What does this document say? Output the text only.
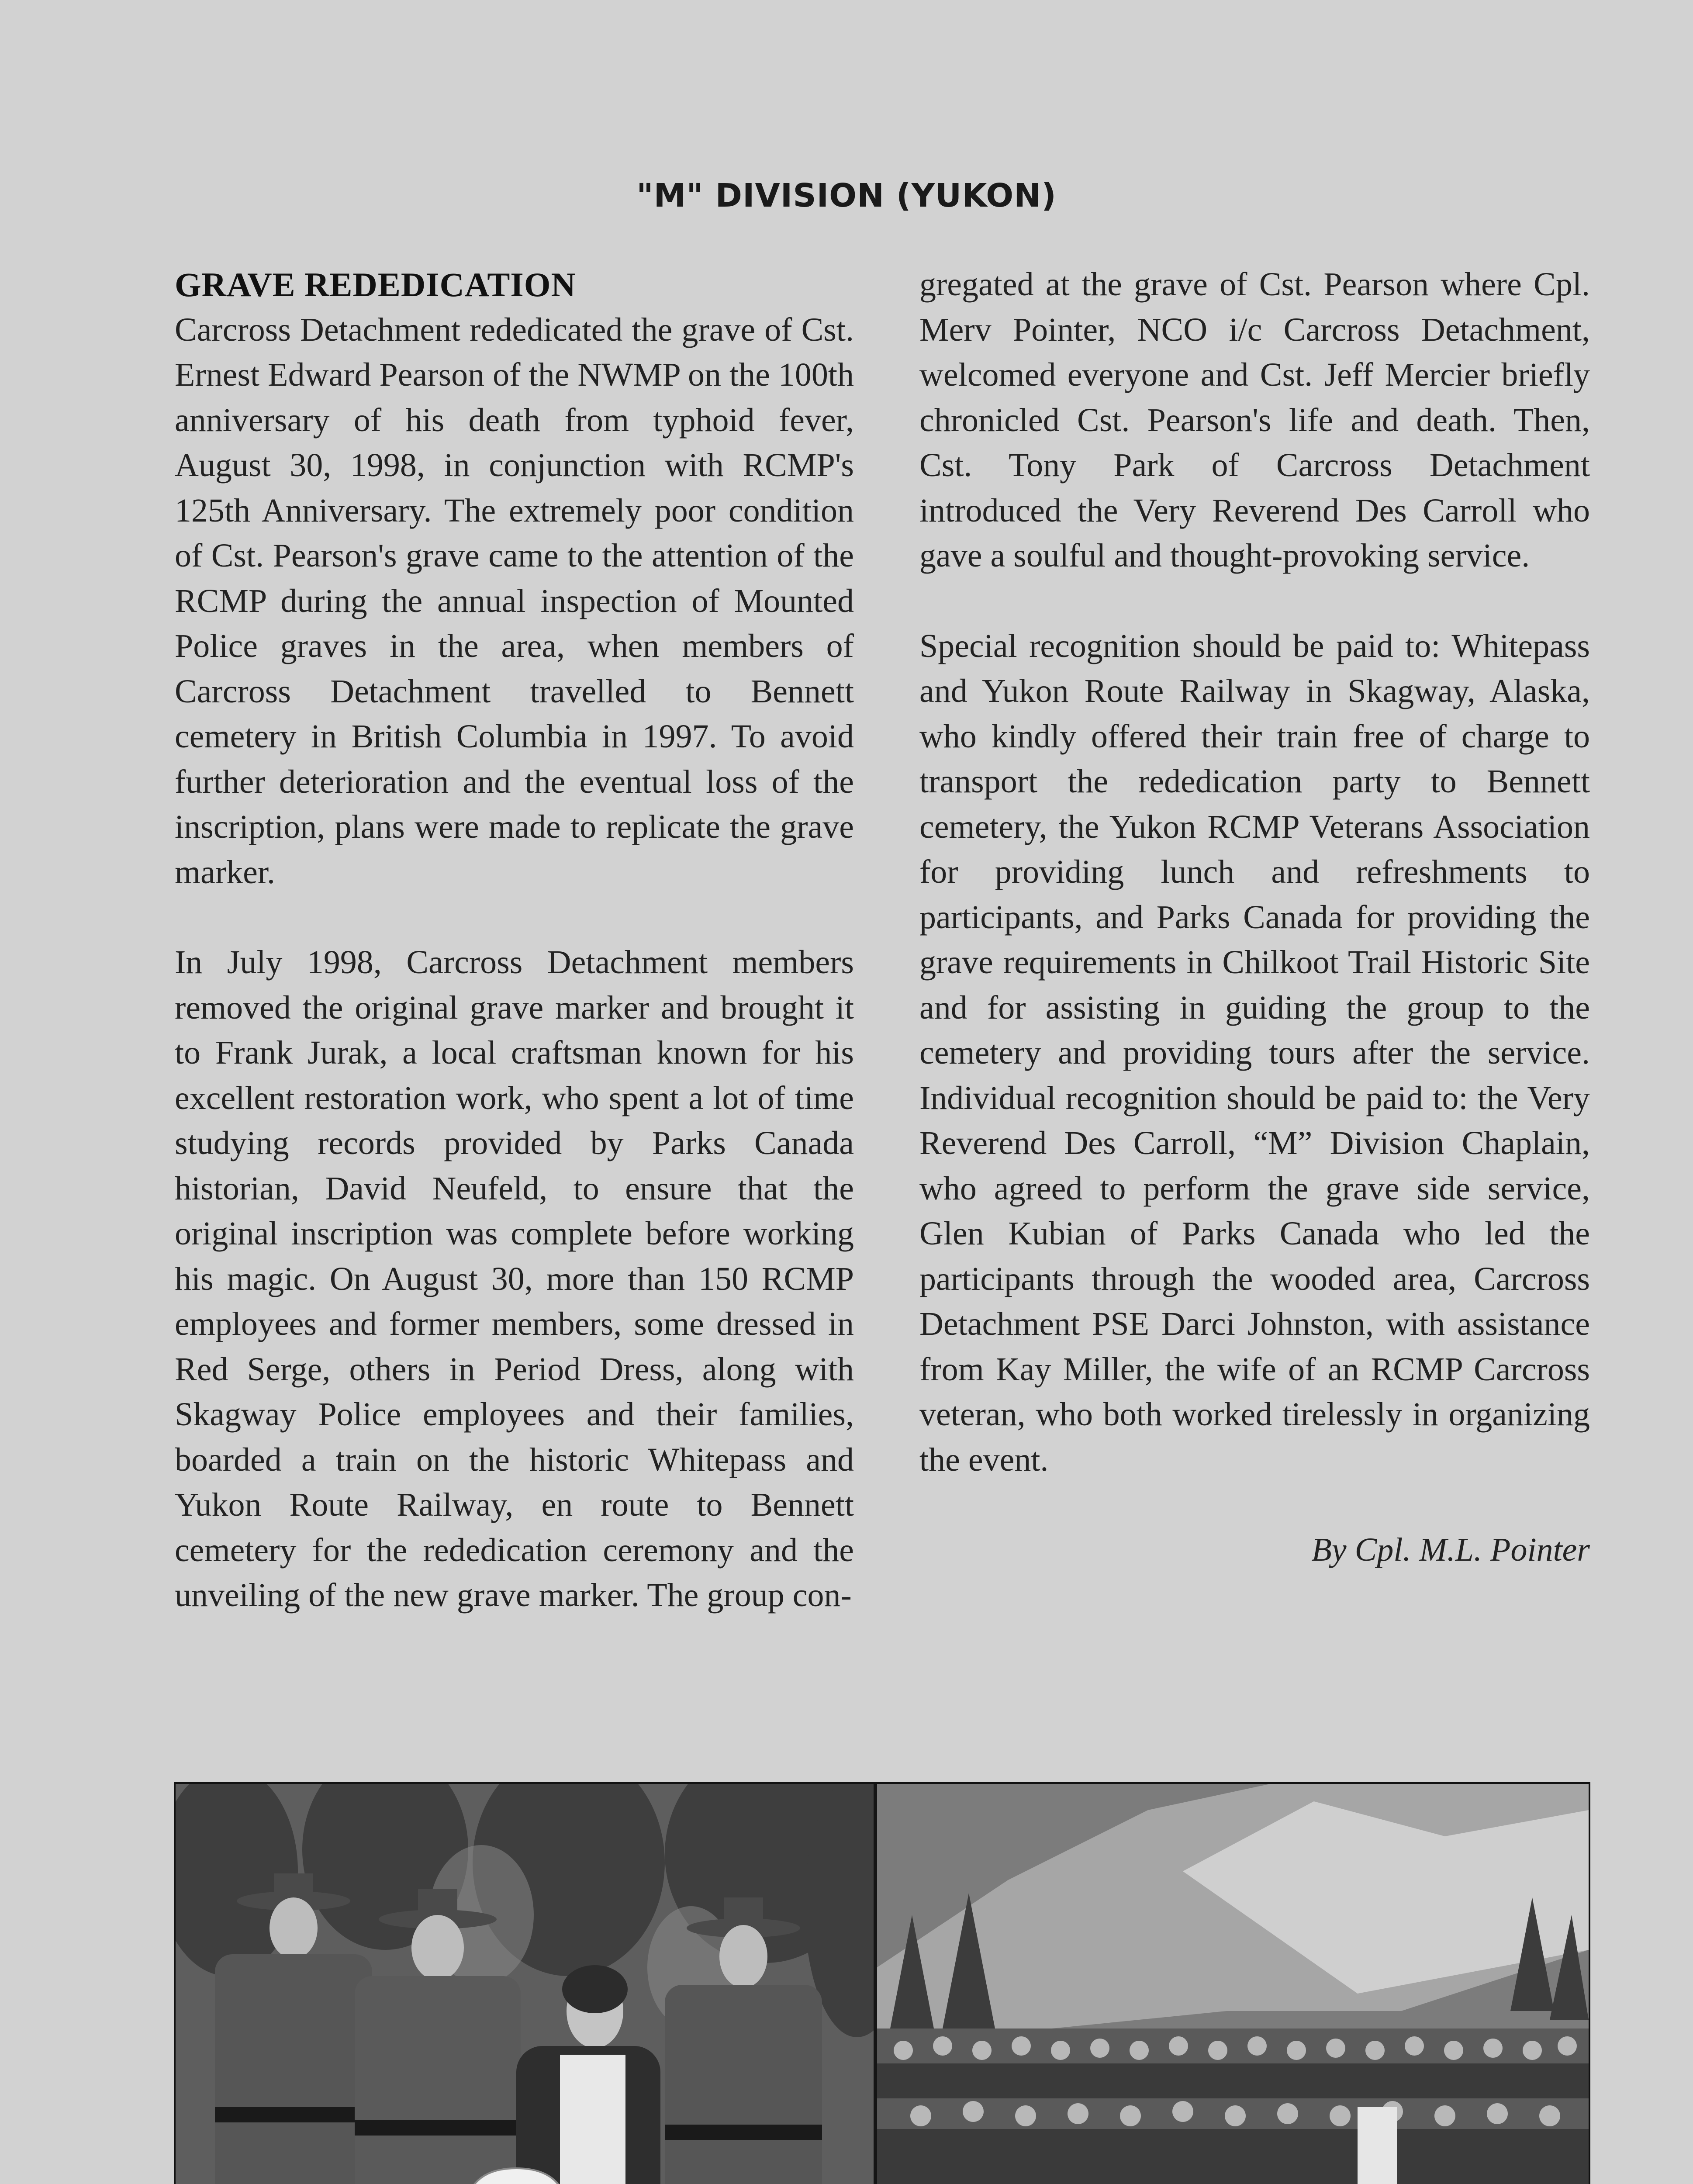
"M" DIVISION (YUKON)
GRAVE REDEDICATION

Carcross Detachment rededicated the grave of Cst. Ernest Edward Pearson of the NWMP on the 100th anniversary of his death from typhoid fever, August 30, 1998, in conjunction with RCMP's 125th Anniversary. The extremely poor condition of Cst. Pearson's grave came to the attention of the RCMP during the annual inspection of Mounted Police graves in the area, when members of Carcross Detachment travelled to Bennett cemetery in British Columbia in 1997. To avoid further deterioration and the eventual loss of the inscription, plans were made to replicate the grave marker.

In July 1998, Carcross Detachment members removed the original grave marker and brought it to Frank Jurak, a local craftsman known for his excellent restoration work, who spent a lot of time studying records provided by Parks Canada historian, David Neufeld, to ensure that the original inscription was complete before working his magic. On August 30, more than 150 RCMP employees and former members, some dressed in Red Serge, others in Period Dress, along with Skagway Police employees and their families, boarded a train on the historic Whitepass and Yukon Route Railway, en route to Bennett cemetery for the rededication ceremony and the unveiling of the new grave marker. The group con-

gregated at the grave of Cst. Pearson where Cpl. Merv Pointer, NCO i/c Carcross Detachment, welcomed everyone and Cst. Jeff Mercier briefly chronicled Cst. Pearson's life and death. Then, Cst. Tony Park of Carcross Detachment introduced the Very Reverend Des Carroll who gave a soulful and thought-provoking service.

Special recognition should be paid to: Whitepass and Yukon Route Railway in Skagway, Alaska, who kindly offered their train free of charge to transport the rededication party to Bennett cemetery, the Yukon RCMP Veterans Association for providing lunch and refreshments to participants, and Parks Canada for providing the grave requirements in Chilkoot Trail Historic Site and for assisting in guiding the group to the cemetery and providing tours after the service. Individual recognition should be paid to: the Very Reverend Des Carroll, “M” Division Chaplain, who agreed to perform the grave side service, Glen Kubian of Parks Canada who led the participants through the wooded area, Carcross Detachment PSE Darci Johnston, with assistance from Kay Miller, the wife of an RCMP Carcross veteran, who both worked tirelessly in organizing the event.

By Cpl. M.L. Pointer
